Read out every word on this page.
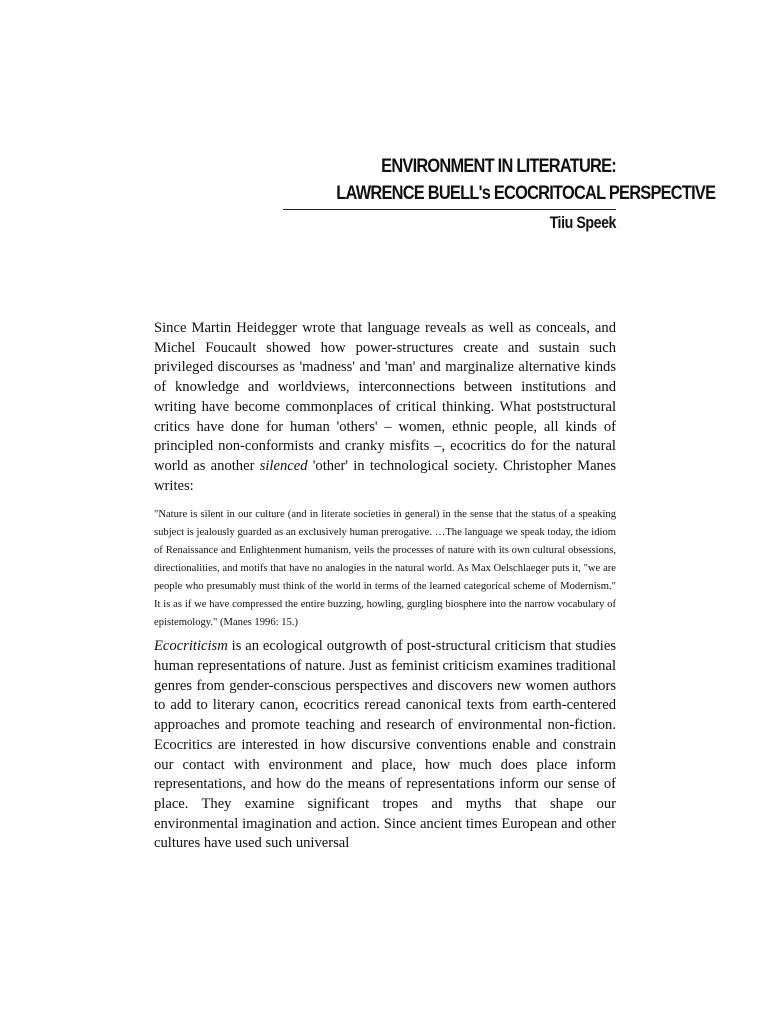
ENVIRONMENT IN LITERATURE:
LAWRENCE BUELL's ECOCRITOCAL PERSPECTIVE
Tiiu Speek

Since Martin Heidegger wrote that language reveals as well as conceals, and Michel Foucault showed how power-structures create and sustain such privileged discourses as 'madness' and 'man' and marginalize alternative kinds of knowledge and worldviews, interconnections between institutions and writing have become commonplaces of critical thinking. What poststructural critics have done for human 'others' – women, ethnic people, all kinds of principled non-conformists and cranky misfits –, ecocritics do for the natural world as another silenced 'other' in technological society. Christopher Manes writes:

"Nature is silent in our culture (and in literate societies in general) in the sense that the status of a speaking subject is jealously guarded as an exclusively human prerogative. …The language we speak today, the idiom of Renaissance and Enlightenment humanism, veils the processes of nature with its own cultural obsessions, directionalities, and motifs that have no analogies in the natural world. As Max Oelschlaeger puts it, "we are people who presumably must think of the world in terms of the learned categorical scheme of Modernism." It is as if we have compressed the entire buzzing, howling, gurgling biosphere into the narrow vocabulary of epistemology." (Manes 1996: 15.)

Ecocriticism is an ecological outgrowth of post-structural criticism that studies human representations of nature. Just as feminist criticism examines traditional genres from gender-conscious perspectives and discovers new women authors to add to literary canon, ecocritics reread canonical texts from earth-centered approaches and promote teaching and research of environmental non-fiction. Ecocritics are interested in how discursive conventions enable and constrain our contact with environment and place, how much does place inform representations, and how do the means of representations inform our sense of place. They examine significant tropes and myths that shape our environmental imagination and action. Since ancient times European and other cultures have used such universal
